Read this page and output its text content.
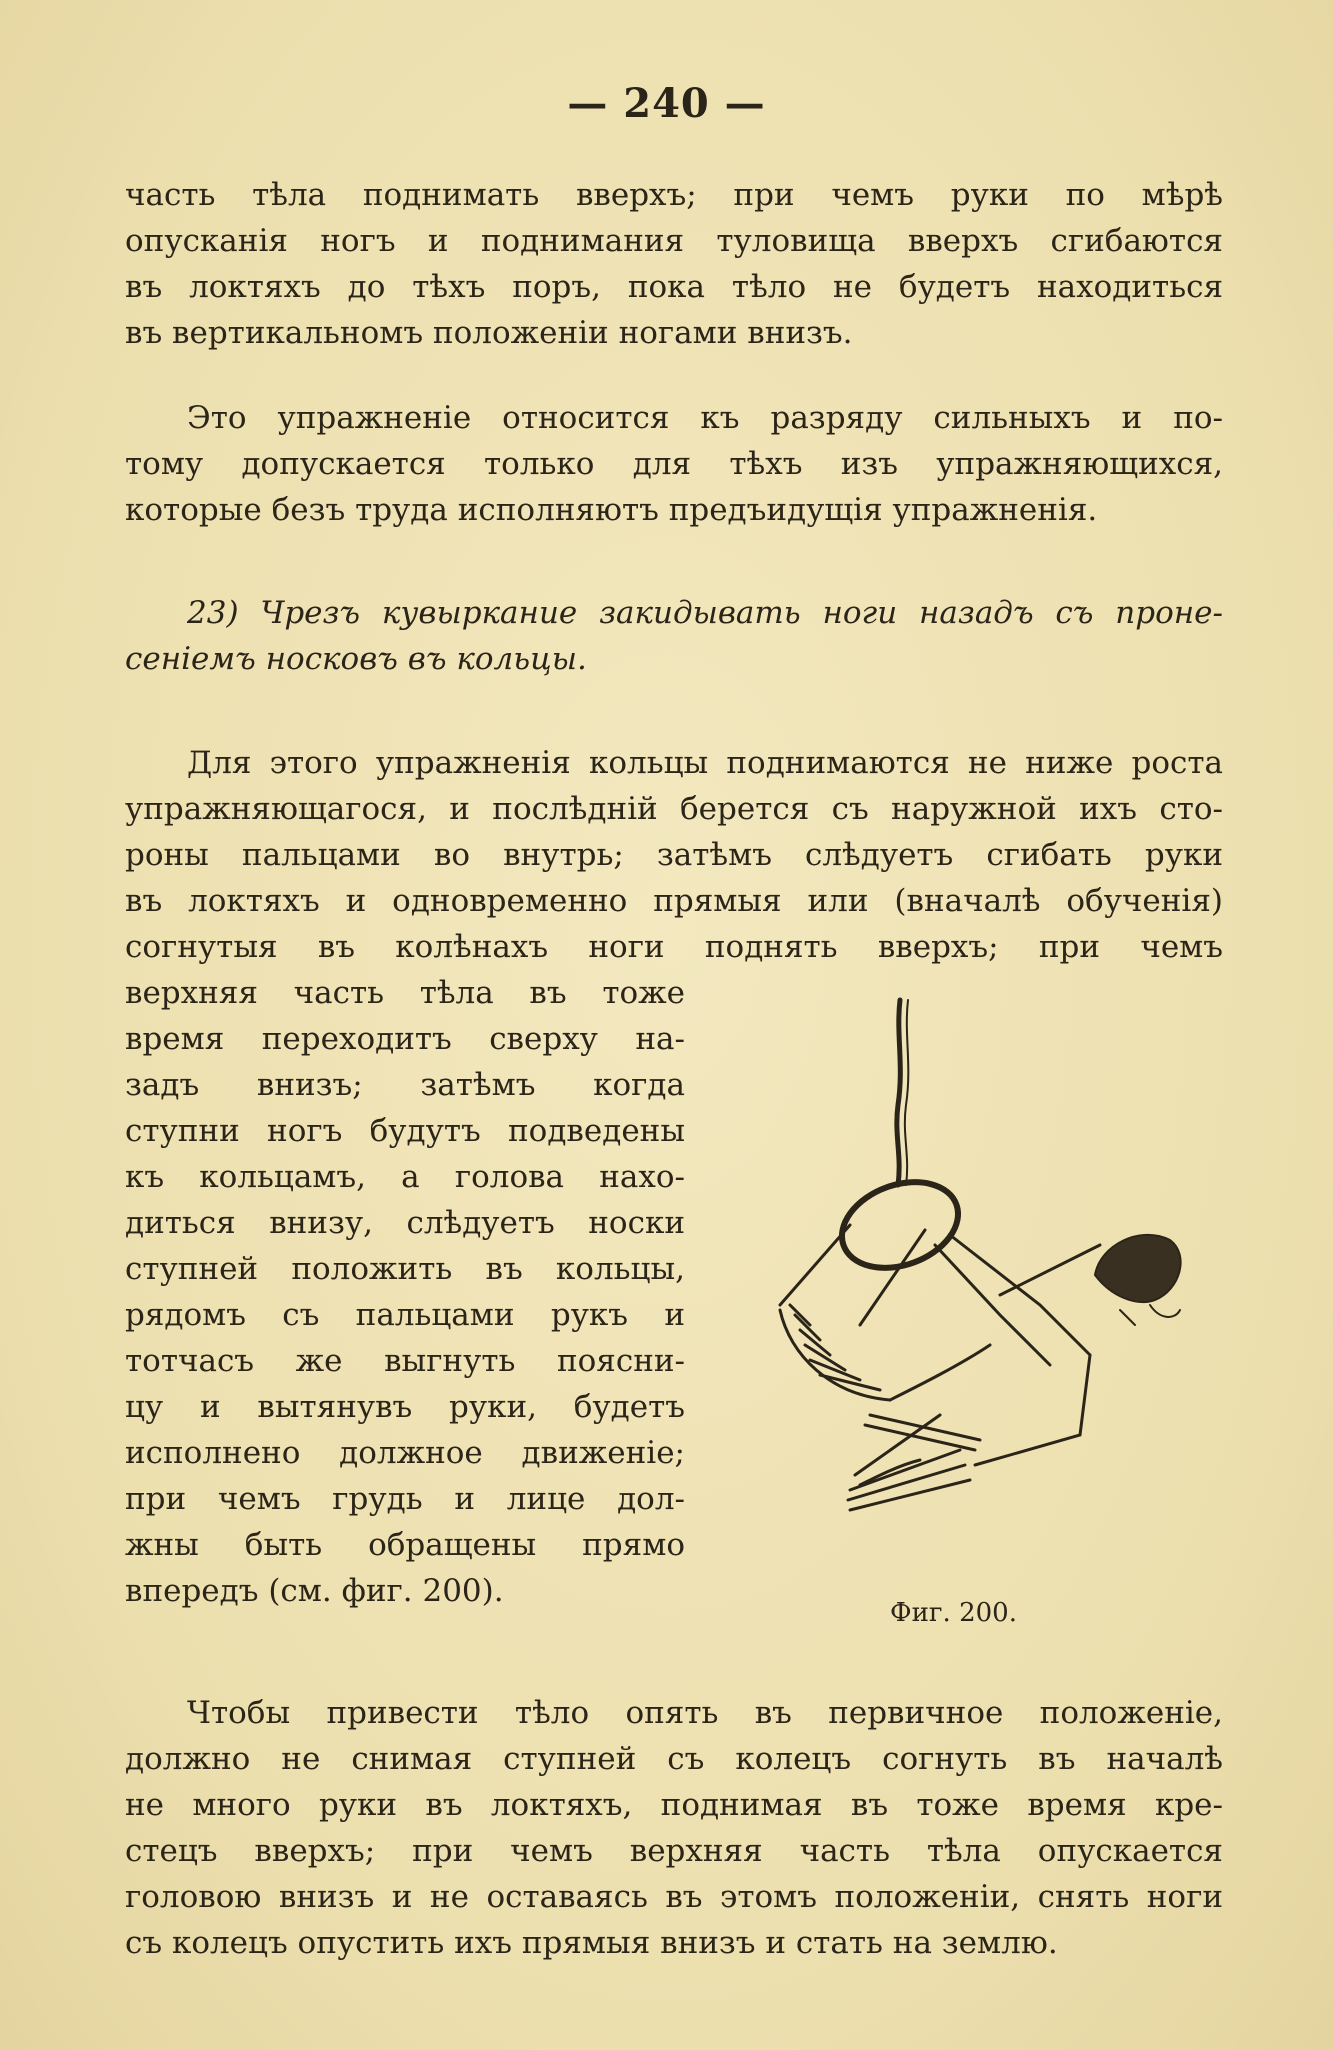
— 240 —
часть тѣла поднимать вверхъ; при чемъ руки по мѣрѣ
опусканія ногъ и поднимания туловища вверхъ сгибаются
въ локтяхъ до тѣхъ поръ, пока тѣло не будетъ находиться
въ вертикальномъ положеніи ногами внизъ.
Это упражненіе относится къ разряду сильныхъ и по-
тому допускается только для тѣхъ изъ упражняющихся,
которые безъ труда исполняютъ предъидущія упражненія.
23) Чрезъ кувыркание закидывать ноги назадъ съ проне-
сеніемъ носковъ въ кольцы.
Для этого упражненія кольцы поднимаются не ниже роста
упражняющагося, и послѣдній берется съ наружной ихъ сто-
роны пальцами во внутрь; затѣмъ слѣдуетъ сгибать руки
въ локтяхъ и одновременно прямыя или (вначалѣ обученія)
согнутыя въ колѣнахъ ноги поднять вверхъ; при чемъ
верхняя часть тѣла въ тоже
время переходитъ сверху на-
задъ внизъ; затѣмъ когда
ступни ногъ будутъ подведены
къ кольцамъ, а голова нахо-
диться внизу, слѣдуетъ носки
ступней положить въ кольцы,
рядомъ съ пальцами рукъ и
тотчасъ же выгнуть поясни-
цу и вытянувъ руки, будетъ
исполнено должное движеніе;
при чемъ грудь и лице дол-
жны быть обращены прямо
впередъ (см. фиг. 200).
Фиг. 200.
Чтобы привести тѣло опять въ первичное положеніе,
должно не снимая ступней съ колецъ согнуть въ началѣ
не много руки въ локтяхъ, поднимая въ тоже время кре-
стецъ вверхъ; при чемъ верхняя часть тѣла опускается
головою внизъ и не оставаясь въ этомъ положеніи, снять ноги
съ колецъ опустить ихъ прямыя внизъ и стать на землю.
